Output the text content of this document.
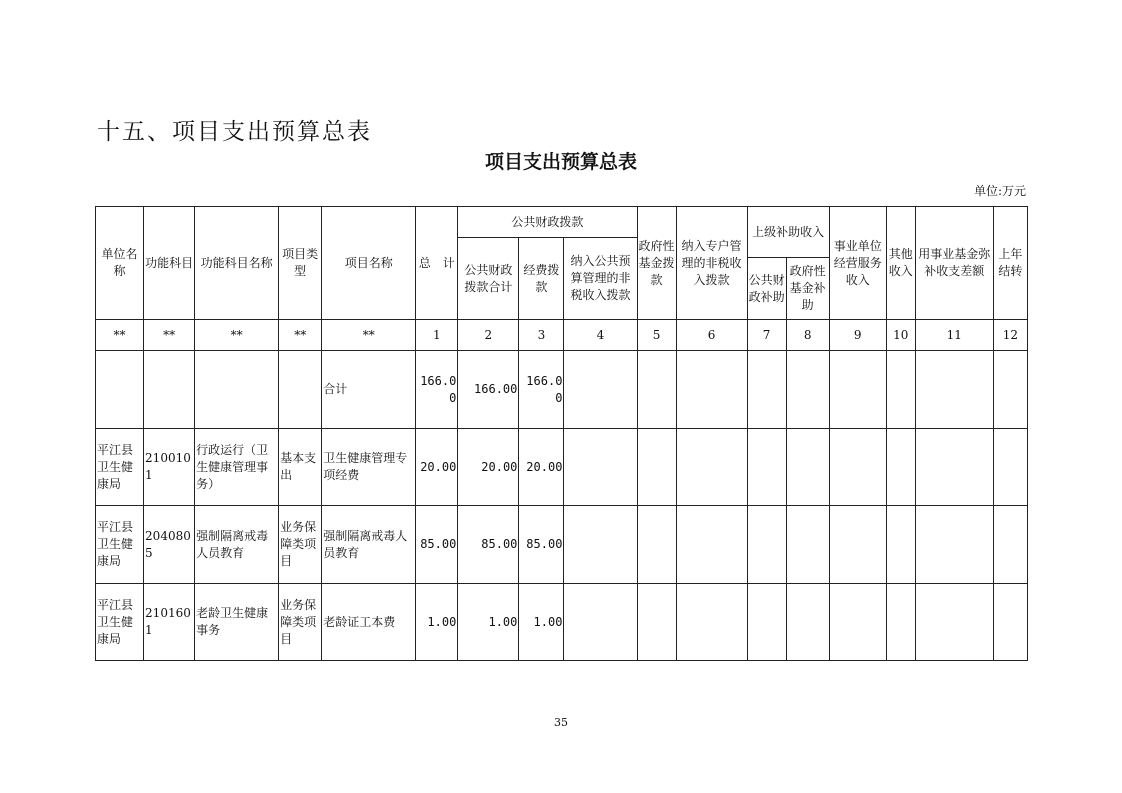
十五、项目支出预算总表
项目支出预算总表
单位:万元
单位名称	功能科目	功能科目名称	项目类型	项目名称	总　计	公共财政拨款			政府性基金拨款	纳入专户管理的非税收入拨款	上级补助收入		事业单位经营服务收入	其他收入	用事业基金弥补收支差额	上年结转
						公共财政拨款合计	经费拨款	纳入公共预算管理的非税收入拨款								
											公共财政补助	政府性基金补助				
**	**	**	**	**	1	2	3	4	5	6	7	8	9	10	11	12
				合计	166.00	166.00	166.00									
平江县卫生健康局	2100101	行政运行（卫生健康管理事务）	基本支出	卫生健康管理专项经费	20.00	20.00	20.00									
平江县卫生健康局	2040805	强制隔离戒毒人员教育	业务保障类项目	强制隔离戒毒人员教育	85.00	85.00	85.00									
平江县卫生健康局	2101601	老龄卫生健康事务	业务保障类项目	老龄证工本费	1.00	1.00	1.00									
35
